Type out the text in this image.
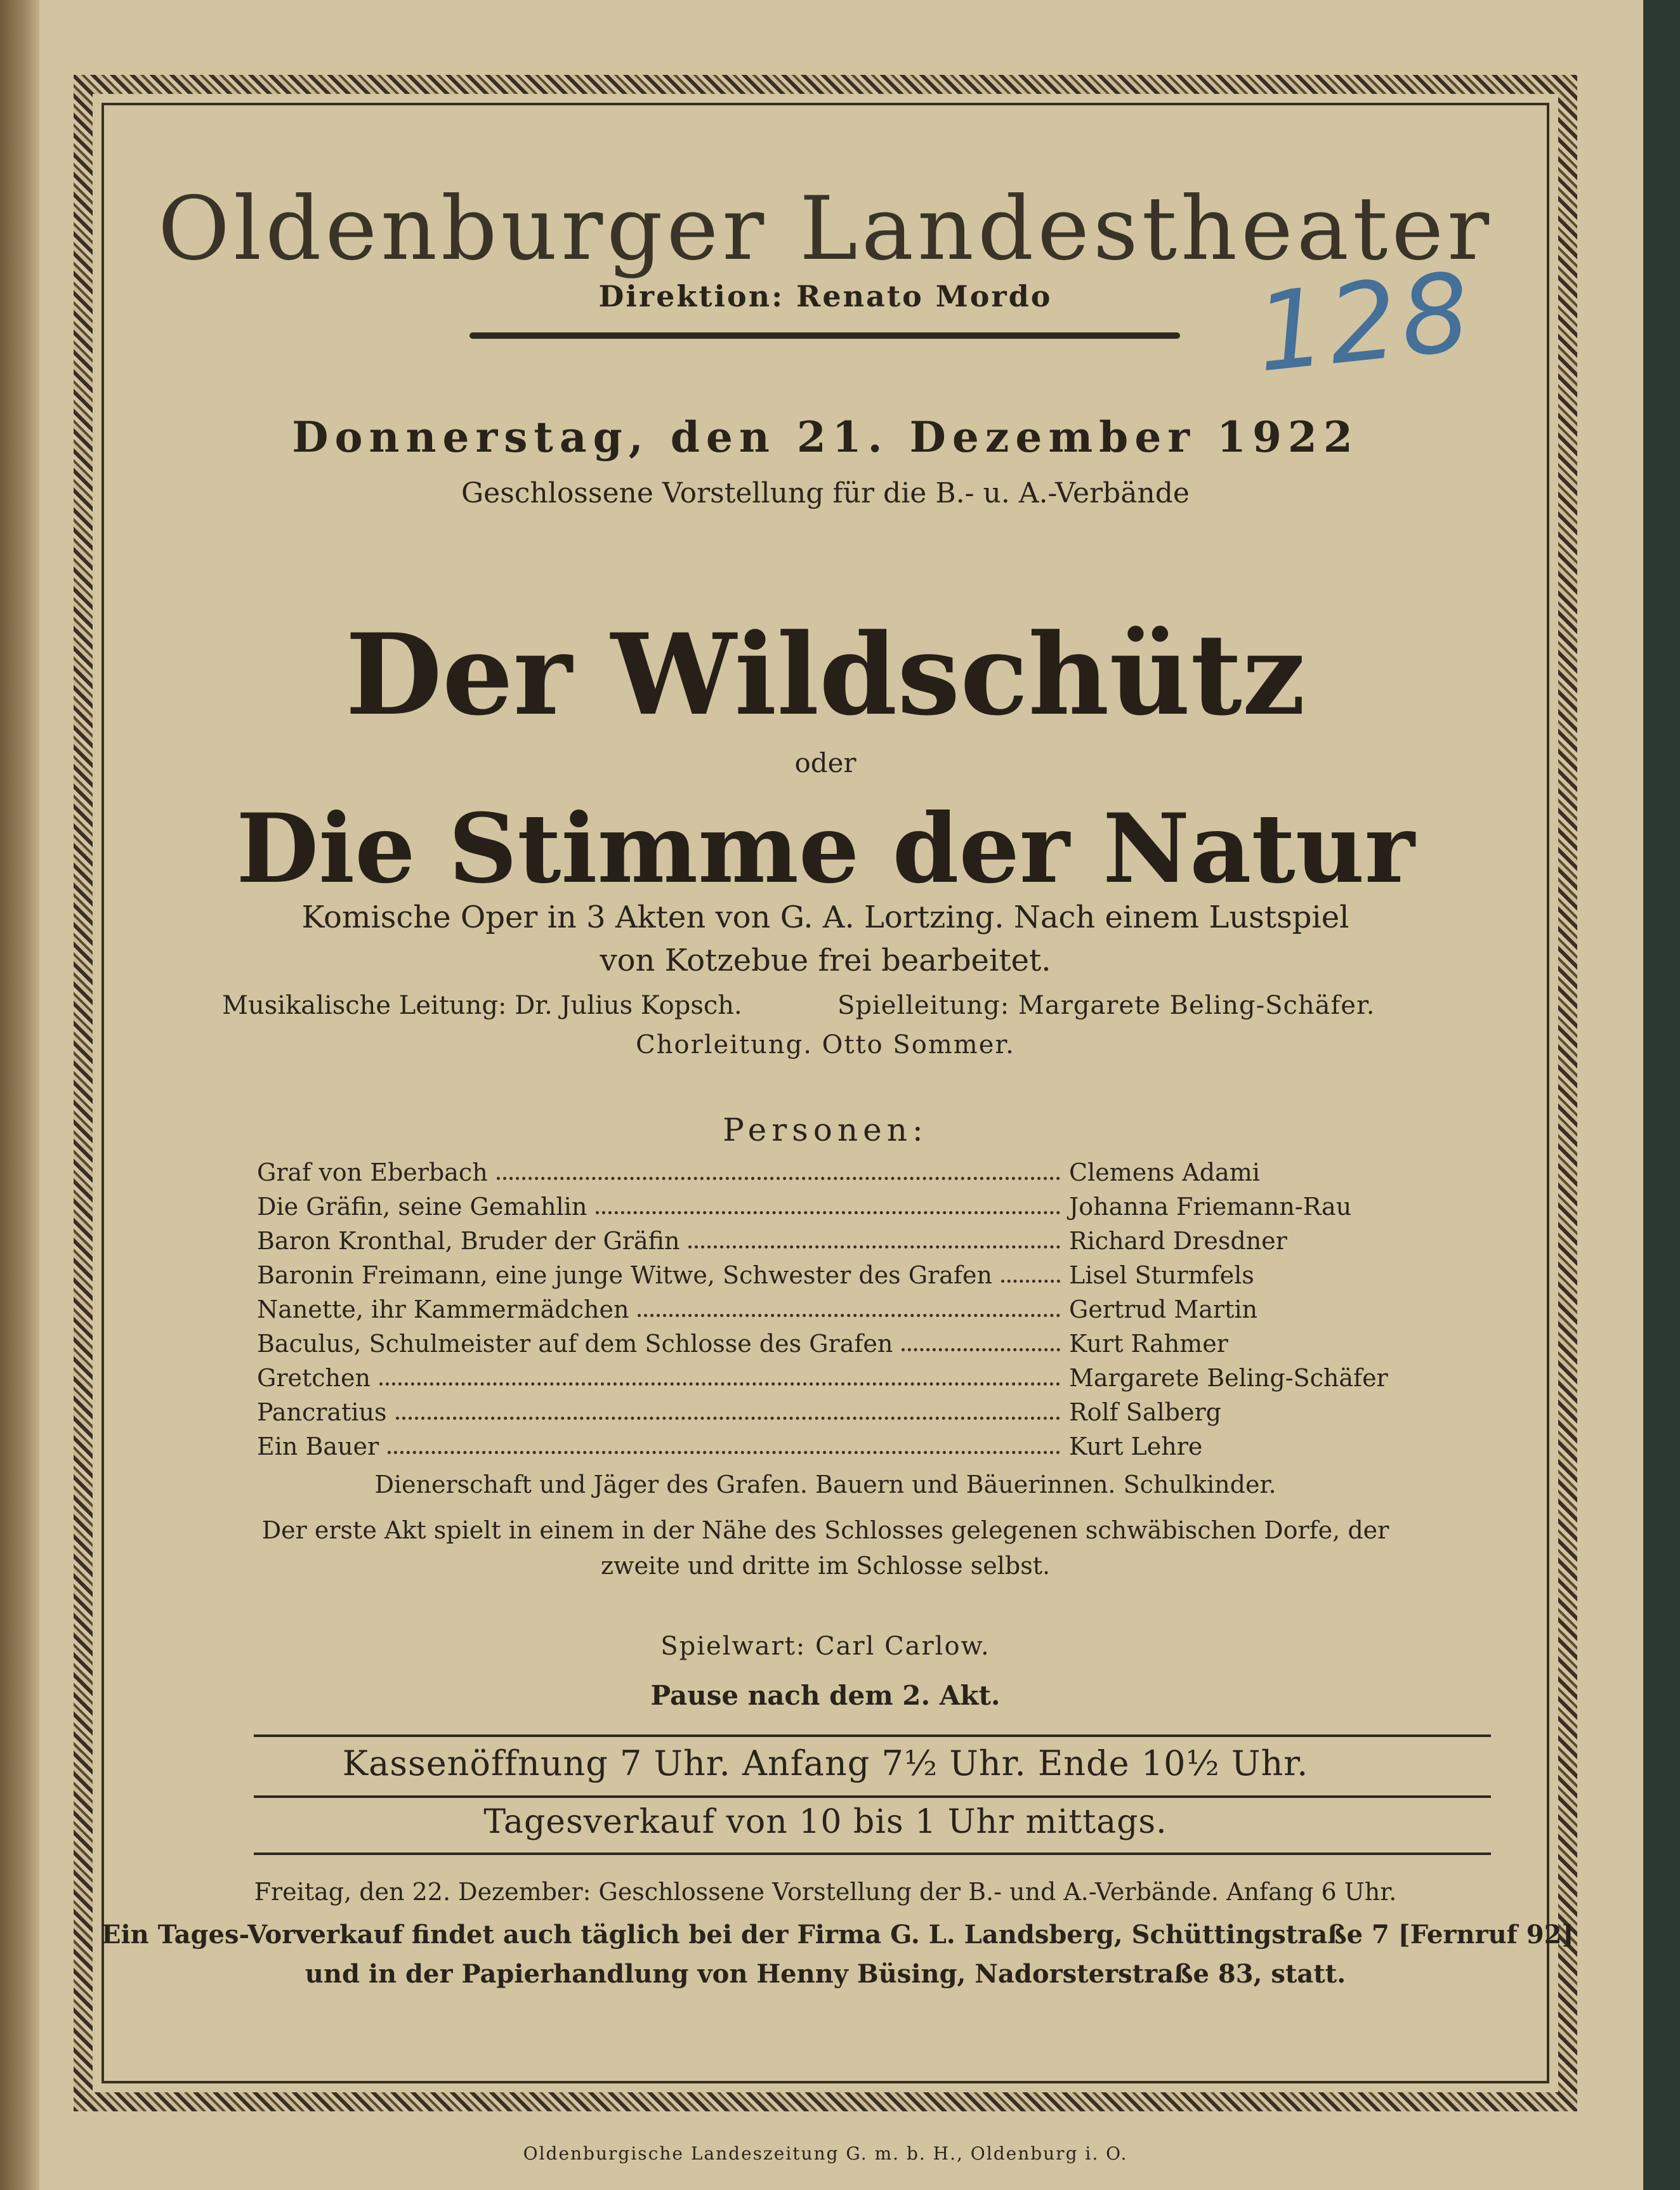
Oldenburger Landestheater
Direktion: Renato Mordo	128
Donnerstag, den 21. Dezember 1922
Geschlossene Vorstellung für die B.- u. A.-Verbände
Der Wildschütz
oder
Die Stimme der Natur
Komische Oper in 3 Akten von G. A. Lortzing. Nach einem Lustspiel
von Kotzebue frei bearbeitet.
Musikalische Leitung: Dr. Julius Kopsch.	Spielleitung: Margarete Beling-Schäfer.
Chorleitung. Otto Sommer.
Personen:
Graf von Eberbach	Clemens Adami
Die Gräfin, seine Gemahlin	Johanna Friemann-Rau
Baron Kronthal, Bruder der Gräfin	Richard Dresdner
Baronin Freimann, eine junge Witwe, Schwester des Grafen	Lisel Sturmfels
Nanette, ihr Kammermädchen	Gertrud Martin
Baculus, Schulmeister auf dem Schlosse des Grafen	Kurt Rahmer
Gretchen	Margarete Beling-Schäfer
Pancratius	Rolf Salberg
Ein Bauer	Kurt Lehre
Dienerschaft und Jäger des Grafen. Bauern und Bäuerinnen. Schulkinder.
Der erste Akt spielt in einem in der Nähe des Schlosses gelegenen schwäbischen Dorfe, der
zweite und dritte im Schlosse selbst.
Spielwart: Carl Carlow.
Pause nach dem 2. Akt.
Kassenöffnung 7 Uhr. Anfang 7½ Uhr. Ende 10½ Uhr.
Tagesverkauf von 10 bis 1 Uhr mittags.
Freitag, den 22. Dezember: Geschlossene Vorstellung der B.- und A.-Verbände. Anfang 6 Uhr.
Ein Tages-Vorverkauf findet auch täglich bei der Firma G. L. Landsberg, Schüttingstraße 7 [Fernruf 92]
und in der Papierhandlung von Henny Büsing, Nadorsterstraße 83, statt.
Oldenburgische Landeszeitung G. m. b. H., Oldenburg i. O.
